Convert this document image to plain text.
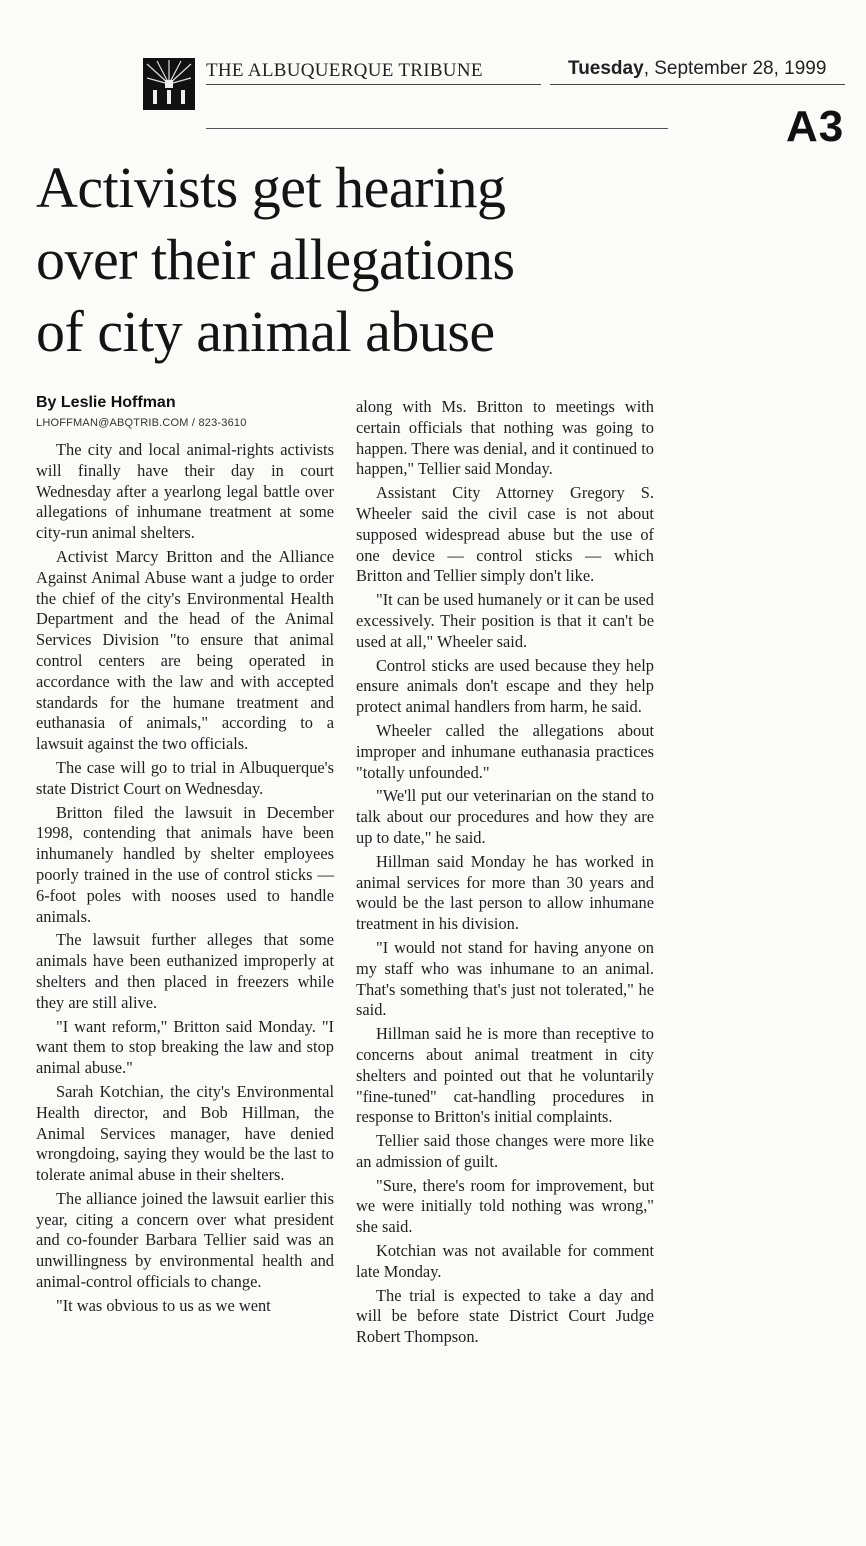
THE ALBUQUERQUE TRIBUNE	Tuesday, September 28, 1999
A3
Activists get hearing
over their allegations
of city animal abuse
By Leslie Hoffman
LHOFFMAN@ABQTRIB.COM / 823-3610

The city and local animal-rights activists will finally have their day in court Wednesday after a yearlong legal battle over allegations of inhumane treatment at some city-run animal shelters.

Activist Marcy Britton and the Alliance Against Animal Abuse want a judge to order the chief of the city's Environmental Health Department and the head of the Animal Services Division "to ensure that animal control centers are being operated in accordance with the law and with accepted standards for the humane treatment and euthanasia of animals," according to a lawsuit against the two officials.

The case will go to trial in Albuquerque's state District Court on Wednesday.

Britton filed the lawsuit in December 1998, contending that animals have been inhumanely handled by shelter employees poorly trained in the use of control sticks — 6-foot poles with nooses used to handle animals.

The lawsuit further alleges that some animals have been euthanized improperly at shelters and then placed in freezers while they are still alive.

"I want reform," Britton said Monday. "I want them to stop breaking the law and stop animal abuse."

Sarah Kotchian, the city's Environmental Health director, and Bob Hillman, the Animal Services manager, have denied wrongdoing, saying they would be the last to tolerate animal abuse in their shelters.

The alliance joined the lawsuit earlier this year, citing a concern over what president and co-founder Barbara Tellier said was an unwillingness by environmental health and animal-control officials to change.

"It was obvious to us as we went

along with Ms. Britton to meetings with certain officials that nothing was going to happen. There was denial, and it continued to happen," Tellier said Monday.

Assistant City Attorney Gregory S. Wheeler said the civil case is not about supposed widespread abuse but the use of one device — control sticks — which Britton and Tellier simply don't like.

"It can be used humanely or it can be used excessively. Their position is that it can't be used at all," Wheeler said.

Control sticks are used because they help ensure animals don't escape and they help protect animal handlers from harm, he said.

Wheeler called the allegations about improper and inhumane euthanasia practices "totally unfounded."

"We'll put our veterinarian on the stand to talk about our procedures and how they are up to date," he said.

Hillman said Monday he has worked in animal services for more than 30 years and would be the last person to allow inhumane treatment in his division.

"I would not stand for having anyone on my staff who was inhumane to an animal. That's something that's just not tolerated," he said.

Hillman said he is more than receptive to concerns about animal treatment in city shelters and pointed out that he voluntarily "fine-tuned" cat-handling procedures in response to Britton's initial complaints.

Tellier said those changes were more like an admission of guilt.

"Sure, there's room for improvement, but we were initially told nothing was wrong," she said.

Kotchian was not available for comment late Monday.

The trial is expected to take a day and will be before state District Court Judge Robert Thompson.
